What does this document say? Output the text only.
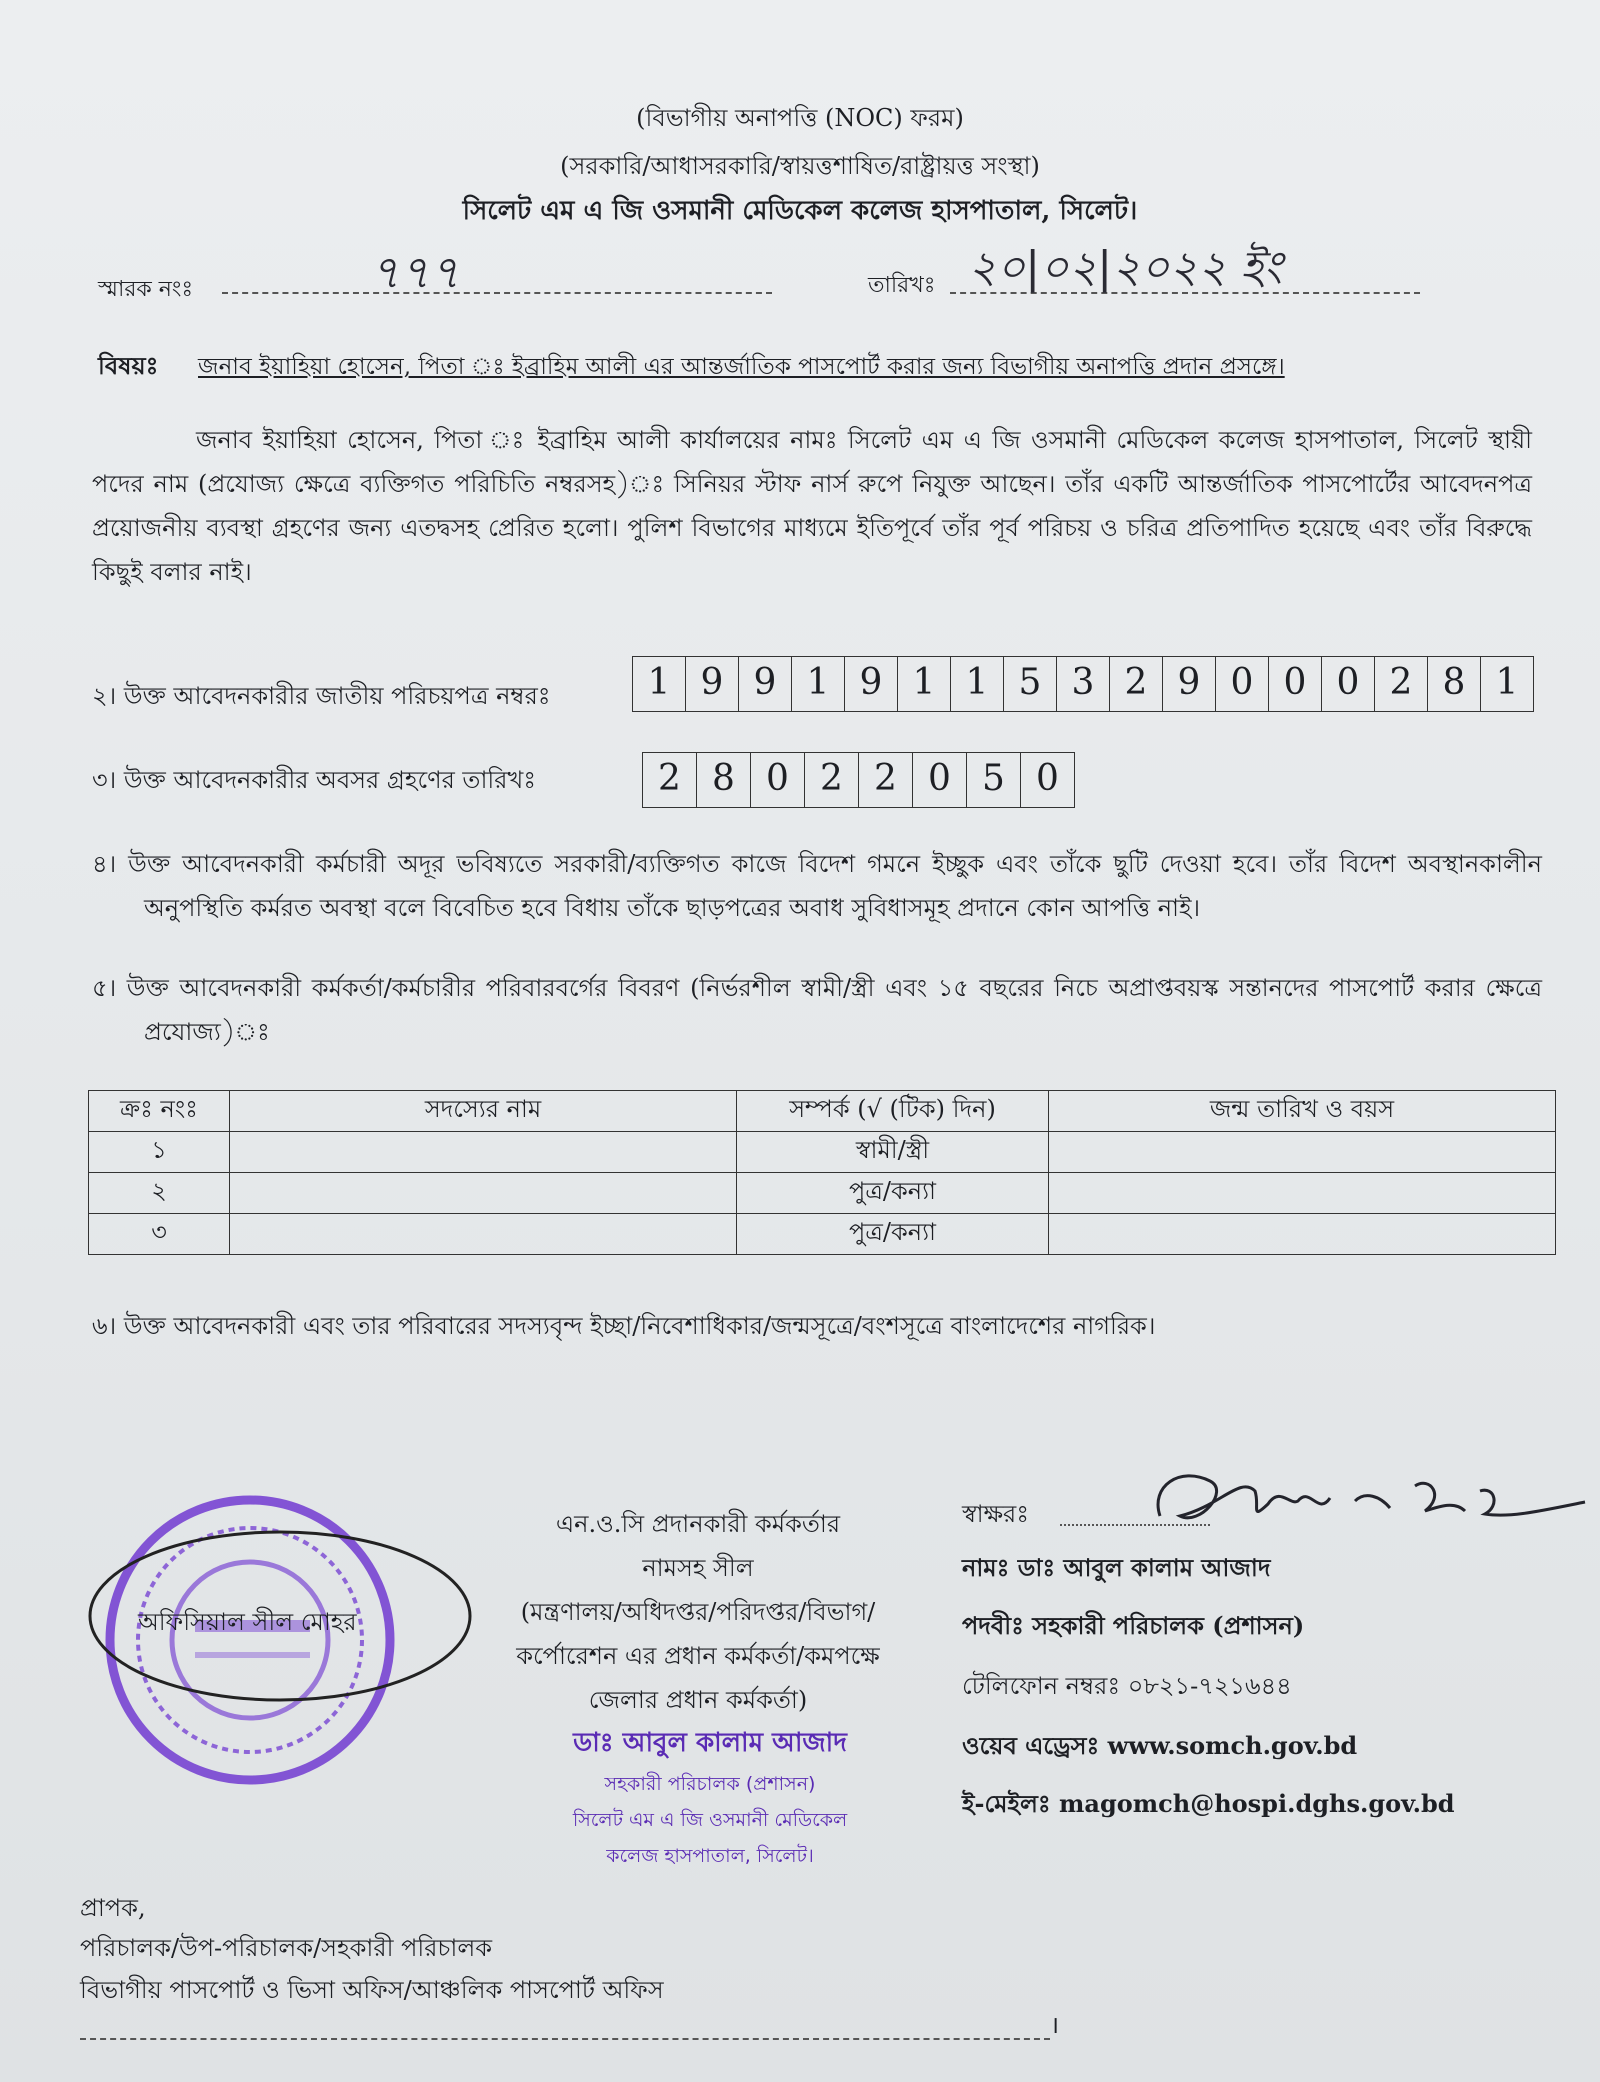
(বিভাগীয় অনাপত্তি (NOC) ফরম)
(সরকারি/আধাসরকারি/স্বায়ত্তশাষিত/রাষ্ট্রায়ত্ত সংস্থা)
সিলেট এম এ জি ওসমানী মেডিকেল কলেজ হাসপাতাল, সিলেট।
স্মারক নংঃ	৭৭৭	তারিখঃ ২০|০২|২০২২ ইং
বিষয়ঃ জনাব ইয়াহিয়া হোসেন, পিতা ঃ ইব্রাহিম আলী এর আন্তর্জাতিক পাসপোর্ট করার জন্য বিভাগীয় অনাপত্তি প্রদান প্রসঙ্গে।

জনাব ইয়াহিয়া হোসেন, পিতা ঃ ইব্রাহিম আলী কার্যালয়ের নামঃ সিলেট এম এ জি ওসমানী মেডিকেল কলেজ হাসপাতাল, সিলেট স্থায়ী পদের নাম (প্রযোজ্য ক্ষেত্রে ব্যক্তিগত পরিচিতি নম্বরসহ)ঃ সিনিয়র স্টাফ নার্স রুপে নিযুক্ত আছেন। তাঁর একটি আন্তর্জাতিক পাসপোর্টের আবেদনপত্র প্রয়োজনীয় ব্যবস্থা গ্রহণের জন্য এতদ্বসহ প্রেরিত হলো। পুলিশ বিভাগের মাধ্যমে ইতিপূর্বে তাঁর পূর্ব পরিচয় ও চরিত্র প্রতিপাদিত হয়েছে এবং তাঁর বিরুদ্ধে কিছুই বলার নাই।

২। উক্ত আবেদনকারীর জাতীয় পরিচয়পত্র নম্বরঃ	1 9 9 1 9 1 1 5 3 2 9 0 0 0 2 8 1
৩। উক্ত আবেদনকারীর অবসর গ্রহণের তারিখঃ	2 8 0 2 2 0 5 0

৪। উক্ত আবেদনকারী কর্মচারী অদূর ভবিষ্যতে সরকারী/ব্যক্তিগত কাজে বিদেশ গমনে ইচ্ছুক এবং তাঁকে ছুটি দেওয়া হবে। তাঁর বিদেশ অবস্থানকালীন অনুপস্থিতি কর্মরত অবস্থা বলে বিবেচিত হবে বিধায় তাঁকে ছাড়পত্রের অবাধ সুবিধাসমূহ প্রদানে কোন আপত্তি নাই।

৫। উক্ত আবেদনকারী কর্মকর্তা/কর্মচারীর পরিবারবর্গের বিবরণ (নির্ভরশীল স্বামী/স্ত্রী এবং ১৫ বছরের নিচে অপ্রাপ্তবয়স্ক সন্তানদের পাসপোর্ট করার ক্ষেত্রে প্রযোজ্য)ঃ

ক্রঃ নংঃ	সদস্যের নাম	সম্পর্ক (√ (টিক) দিন)	জন্ম তারিখ ও বয়স
১		স্বামী/স্ত্রী	
২		পুত্র/কন্যা	
৩		পুত্র/কন্যা	
৬। উক্ত আবেদনকারী এবং তার পরিবারের সদস্যবৃন্দ ইচ্ছা/নিবেশাধিকার/জন্মসূত্রে/বংশসূত্রে বাংলাদেশের নাগরিক।
অফিসিয়াল সীল মোহর
এন.ও.সি প্রদানকারী কর্মকর্তার
নামসহ সীল
(মন্ত্রণালয়/অধিদপ্তর/পরিদপ্তর/বিভাগ/
কর্পোরেশন এর প্রধান কর্মকর্তা/কমপক্ষে
জেলার প্রধান কর্মকর্তা)
ডাঃ আবুল কালাম আজাদ
সহকারী পরিচালক (প্রশাসন)
সিলেট এম এ জি ওসমানী মেডিকেল
কলেজ হাসপাতাল, সিলেট।
স্বাক্ষরঃ
নামঃ ডাঃ আবুল কালাম আজাদ
পদবীঃ সহকারী পরিচালক (প্রশাসন)
টেলিফোন নম্বরঃ ০৮২১-৭২১৬৪৪
ওয়েব এড্রেসঃ www.somch.gov.bd
ই-মেইলঃ magomch@hospi.dghs.gov.bd
প্রাপক,
পরিচালক/উপ-পরিচালক/সহকারী পরিচালক
বিভাগীয় পাসপোর্ট ও ভিসা অফিস/আঞ্চলিক পাসপোর্ট অফিস
।
